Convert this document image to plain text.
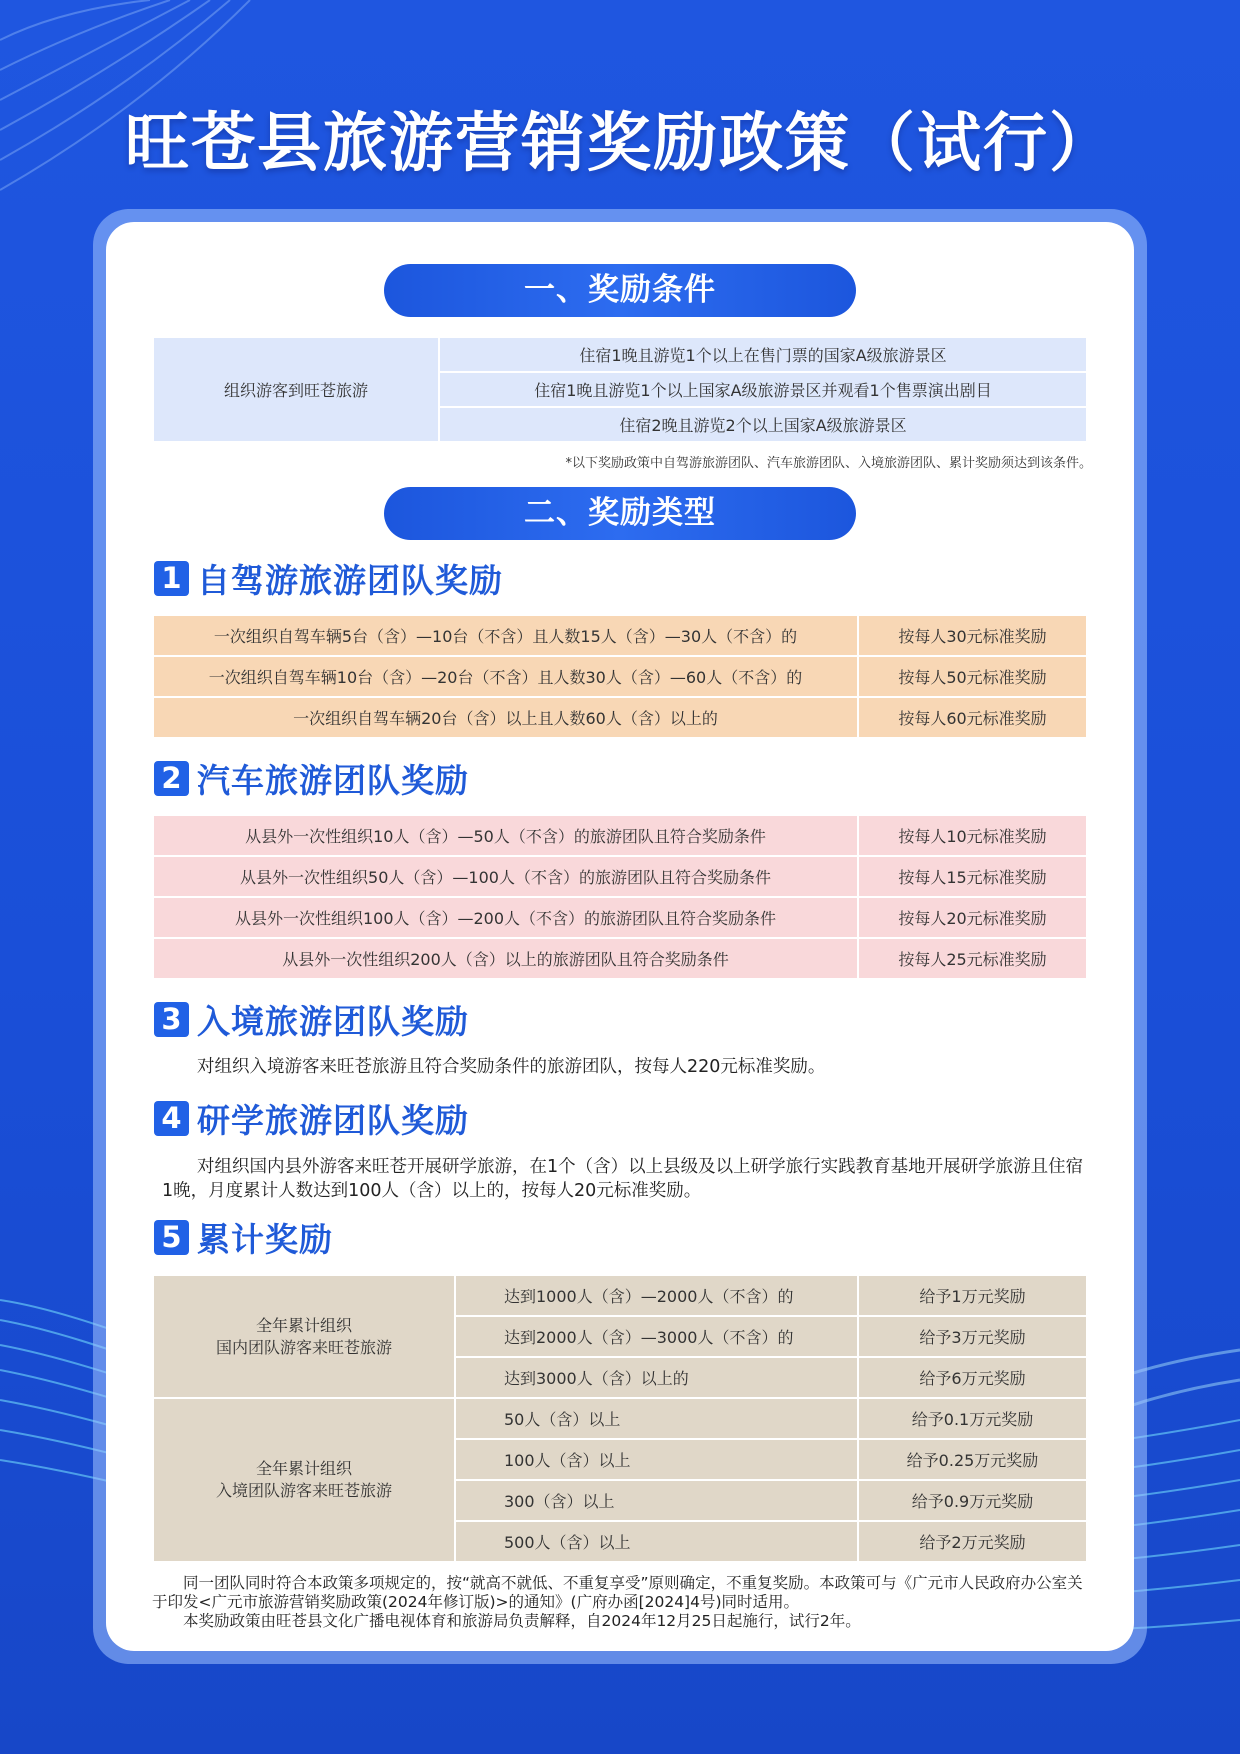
旺苍县旅游营销奖励政策（试行）
一、奖励条件
组织游客到旺苍旅游	住宿1晚且游览1个以上在售门票的国家A级旅游景区
住宿1晚且游览1个以上国家A级旅游景区并观看1个售票演出剧目
住宿2晚且游览2个以上国家A级旅游景区

*以下奖励政策中自驾游旅游团队、汽车旅游团队、入境旅游团队、累计奖励须达到该条件。

二、奖励类型
1 自驾游旅游团队奖励
一次组织自驾车辆5台（含）—10台（不含）且人数15人（含）—30人（不含）的	按每人30元标准奖励
一次组织自驾车辆10台（含）—20台（不含）且人数30人（含）—60人（不含）的	按每人50元标准奖励
一次组织自驾车辆20台（含）以上且人数60人（含）以上的	按每人60元标准奖励
2 汽车旅游团队奖励
从县外一次性组织10人（含）—50人（不含）的旅游团队且符合奖励条件	按每人10元标准奖励
从县外一次性组织50人（含）—100人（不含）的旅游团队且符合奖励条件	按每人15元标准奖励
从县外一次性组织100人（含）—200人（不含）的旅游团队且符合奖励条件	按每人20元标准奖励
从县外一次性组织200人（含）以上的旅游团队且符合奖励条件	按每人25元标准奖励
3 入境旅游团队奖励

对组织入境游客来旺苍旅游且符合奖励条件的旅游团队，按每人220元标准奖励。

4 研学旅游团队奖励

对组织国内县外游客来旺苍开展研学旅游，在1个（含）以上县级及以上研学旅行实践教育基地开展研学旅游且住宿1晚，月度累计人数达到100人（含）以上的，按每人20元标准奖励。

5 累计奖励
全年累计组织
国内团队游客来旺苍旅游	达到1000人（含）—2000人（不含）的	给予1万元奖励
	达到2000人（含）—3000人（不含）的	给予3万元奖励
	达到3000人（含）以上的	给予6万元奖励
全年累计组织
入境团队游客来旺苍旅游	50人（含）以上	给予0.1万元奖励
	100人（含）以上	给予0.25万元奖励
	300（含）以上	给予0.9万元奖励
	500人（含）以上	给予2万元奖励

同一团队同时符合本政策多项规定的，按“就高不就低、不重复享受”原则确定，不重复奖励。本政策可与《广元市人民政府办公室关于印发<广元市旅游营销奖励政策(2024年修订版)>的通知》(广府办函[2024]4号)同时适用。

本奖励政策由旺苍县文化广播电视体育和旅游局负责解释，自2024年12月25日起施行，试行2年。
